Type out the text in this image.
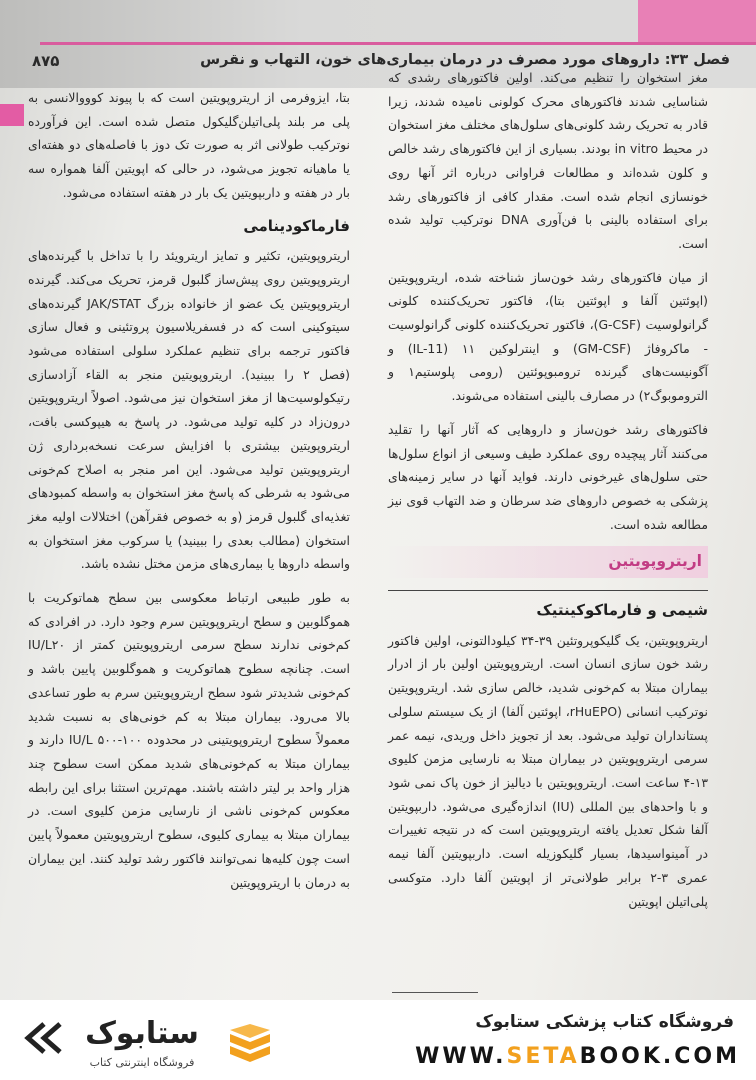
فصل ۳۳: داروهای مورد مصرف در درمان بیماری‌های خون، التهاب و نقرس
۸۷۵

مغز استخوان را تنظیم می‌کند. اولین فاکتورهای رشدی که شناسایی شدند فاکتورهای محرک کولونی نامیده شدند، زیرا قادر به تحریک رشد کلونی‌های سلول‌های مختلف مغز استخوان در محیط in vitro بودند. بسیاری از این فاکتورهای رشد خالص و کلون شده‌اند و مطالعات فراوانی درباره اثر آنها روی خونسازی انجام شده است. مقدار کافی از فاکتورهای رشد برای استفاده بالینی با فن‌آوری DNA نوترکیب تولید شده است.

از میان فاکتورهای رشد خون‌ساز شناخته شده، اریتروپویتین (اپوئتین آلفا و اپوئتین بتا)، فاکتور تحریک‌کننده کلونی گرانولوسیت (G-CSF)، فاکتور تحریک‌کننده کلونی گرانولوسیت - ماکروفاژ (GM-CSF) و اینترلوکین ۱۱ (IL-11) و آگونیست‌های گیرنده ترومبوپوئتین (رومی پلوستیم۱ و التروموبوگ۲) در مصارف بالینی استفاده می‌شوند.

فاکتورهای رشد خون‌ساز و داروهایی که آثار آنها را تقلید می‌کنند آثار پیچیده روی عملکرد طیف وسیعی از انواع سلول‌ها حتی سلول‌های غیرخونی دارند. فواید آنها در سایر زمینه‌های پزشکی به خصوص داروهای ضد سرطان و ضد التهاب قوی نیز مطالعه شده است.

اریتروپویتین
شیمی و فارماکوکینتیک

اریتروپویتین، یک گلیکوپروتئین ۳۹-۳۴ کیلودالتونی، اولین فاکتور رشد خون سازی انسان است. اریتروپویتین اولین بار از ادرار بیماران مبتلا به کم‌خونی شدید، خالص سازی شد. اریتروپویتین نوترکیب انسانی (rHuEPO، اپوئتین آلفا) از یک سیستم سلولی پستانداران تولید می‌شود. بعد از تجویز داخل وریدی، نیمه عمر سرمی اریتروپویتین در بیماران مبتلا به نارسایی مزمن کلیوی ۱۳-۴ ساعت است. اریتروپویتین با دیالیز از خون پاک نمی شود و با واحدهای بین المللی (IU) اندازه‌گیری می‌شود. داربپویتین آلفا شکل تعدیل یافته اریتروپویتین است که در نتیجه تغییرات در آمینواسیدها، بسیار گلیکوزیله است. داربپویتین آلفا نیمه عمری ۳-۲ برابر طولانی‌تر از اپویتین آلفا دارد. متوکسی پلی‌اتیلن اپویتین

بتا، ایزوفرمی از اریتروپویتین است که با پیوند کوووالانسی به پلی مر بلند پلی‌اتیلن‌گلیکول متصل شده است. این فرآورده نوترکیب طولانی اثر به صورت تک دوز با فاصله‌های دو هفته‌ای یا ماهیانه تجویز می‌شود، در حالی که اپویتین آلفا همواره سه بار در هفته و داربپویتین یک بار در هفته استفاده می‌شود.

فارماکودینامی

اریتروپویتین، تکثیر و تمایز اریترویئد را با تداخل با گیرنده‌های اریتروپویتین روی پیش‌ساز گلبول قرمز، تحریک می‌کند. گیرنده اریتروپویتین یک عضو از خانواده بزرگ JAK/STAT گیرنده‌های سیتوکینی است که در فسفریلاسیون پروتئینی و فعال سازی فاکتور ترجمه برای تنظیم عملکرد سلولی استفاده می‌شود (فصل ۲ را ببینید). اریتروپویتین منجر به القاء آزادسازی رتیکولوسیت‌ها از مغز استخوان نیز می‌شود. اصولاً اریتروپویتین درون‌زاد در کلیه تولید می‌شود. در پاسخ به هیپوکسی بافت، اریتروپویتین بیشتری با افزایش سرعت نسخه‌برداری ژن اریتروپویتین تولید می‌شود. این امر منجر به اصلاح کم‌خونی می‌شود به شرطی که پاسخ مغز استخوان به واسطه کمبودهای تغذیه‌ای گلبول قرمز (و به خصوص فقرآهن) اختلالات اولیه مغز استخوان (مطالب بعدی را ببینید) یا سرکوب مغز استخوان به واسطه داروها یا بیماری‌های مزمن مختل نشده باشد.

به طور طبیعی ارتباط معکوسی بین سطح هماتوکریت با هموگلوبین و سطح اریتروپویتین سرم وجود دارد. در افرادی که کم‌خونی ندارند سطح سرمی اریتروپویتین کمتر از IU/L۲۰ است. چنانچه سطوح هماتوکریت و هموگلوبین پایین باشد و کم‌خونی شدیدتر شود سطح اریتروپویتین سرم به طور تساعدی بالا می‌رود. بیماران مبتلا به کم خونی‌های به نسبت شدید معمولاً سطوح اریتروپویتینی در محدوده IU/L ۵۰۰-۱۰۰ دارند و بیماران مبتلا به کم‌خونی‌های شدید ممکن است سطوح چند هزار واحد بر لیتر داشته باشند. مهم‌ترین استثنا برای این رابطه معکوس کم‌خونی ناشی از نارسایی مزمن کلیوی است. در بیماران مبتلا به بیماری کلیوی، سطوح اریتروپویتین معمولاً پایین است چون کلیه‌ها نمی‌توانند فاکتور رشد تولید کنند. این بیماران به درمان با اریتروپویتین

فروشگاه کتاب پزشکی ستابوک
WWW.SETABOOK.COM
ستابوک
فروشگاه اینترنتی کتاب
